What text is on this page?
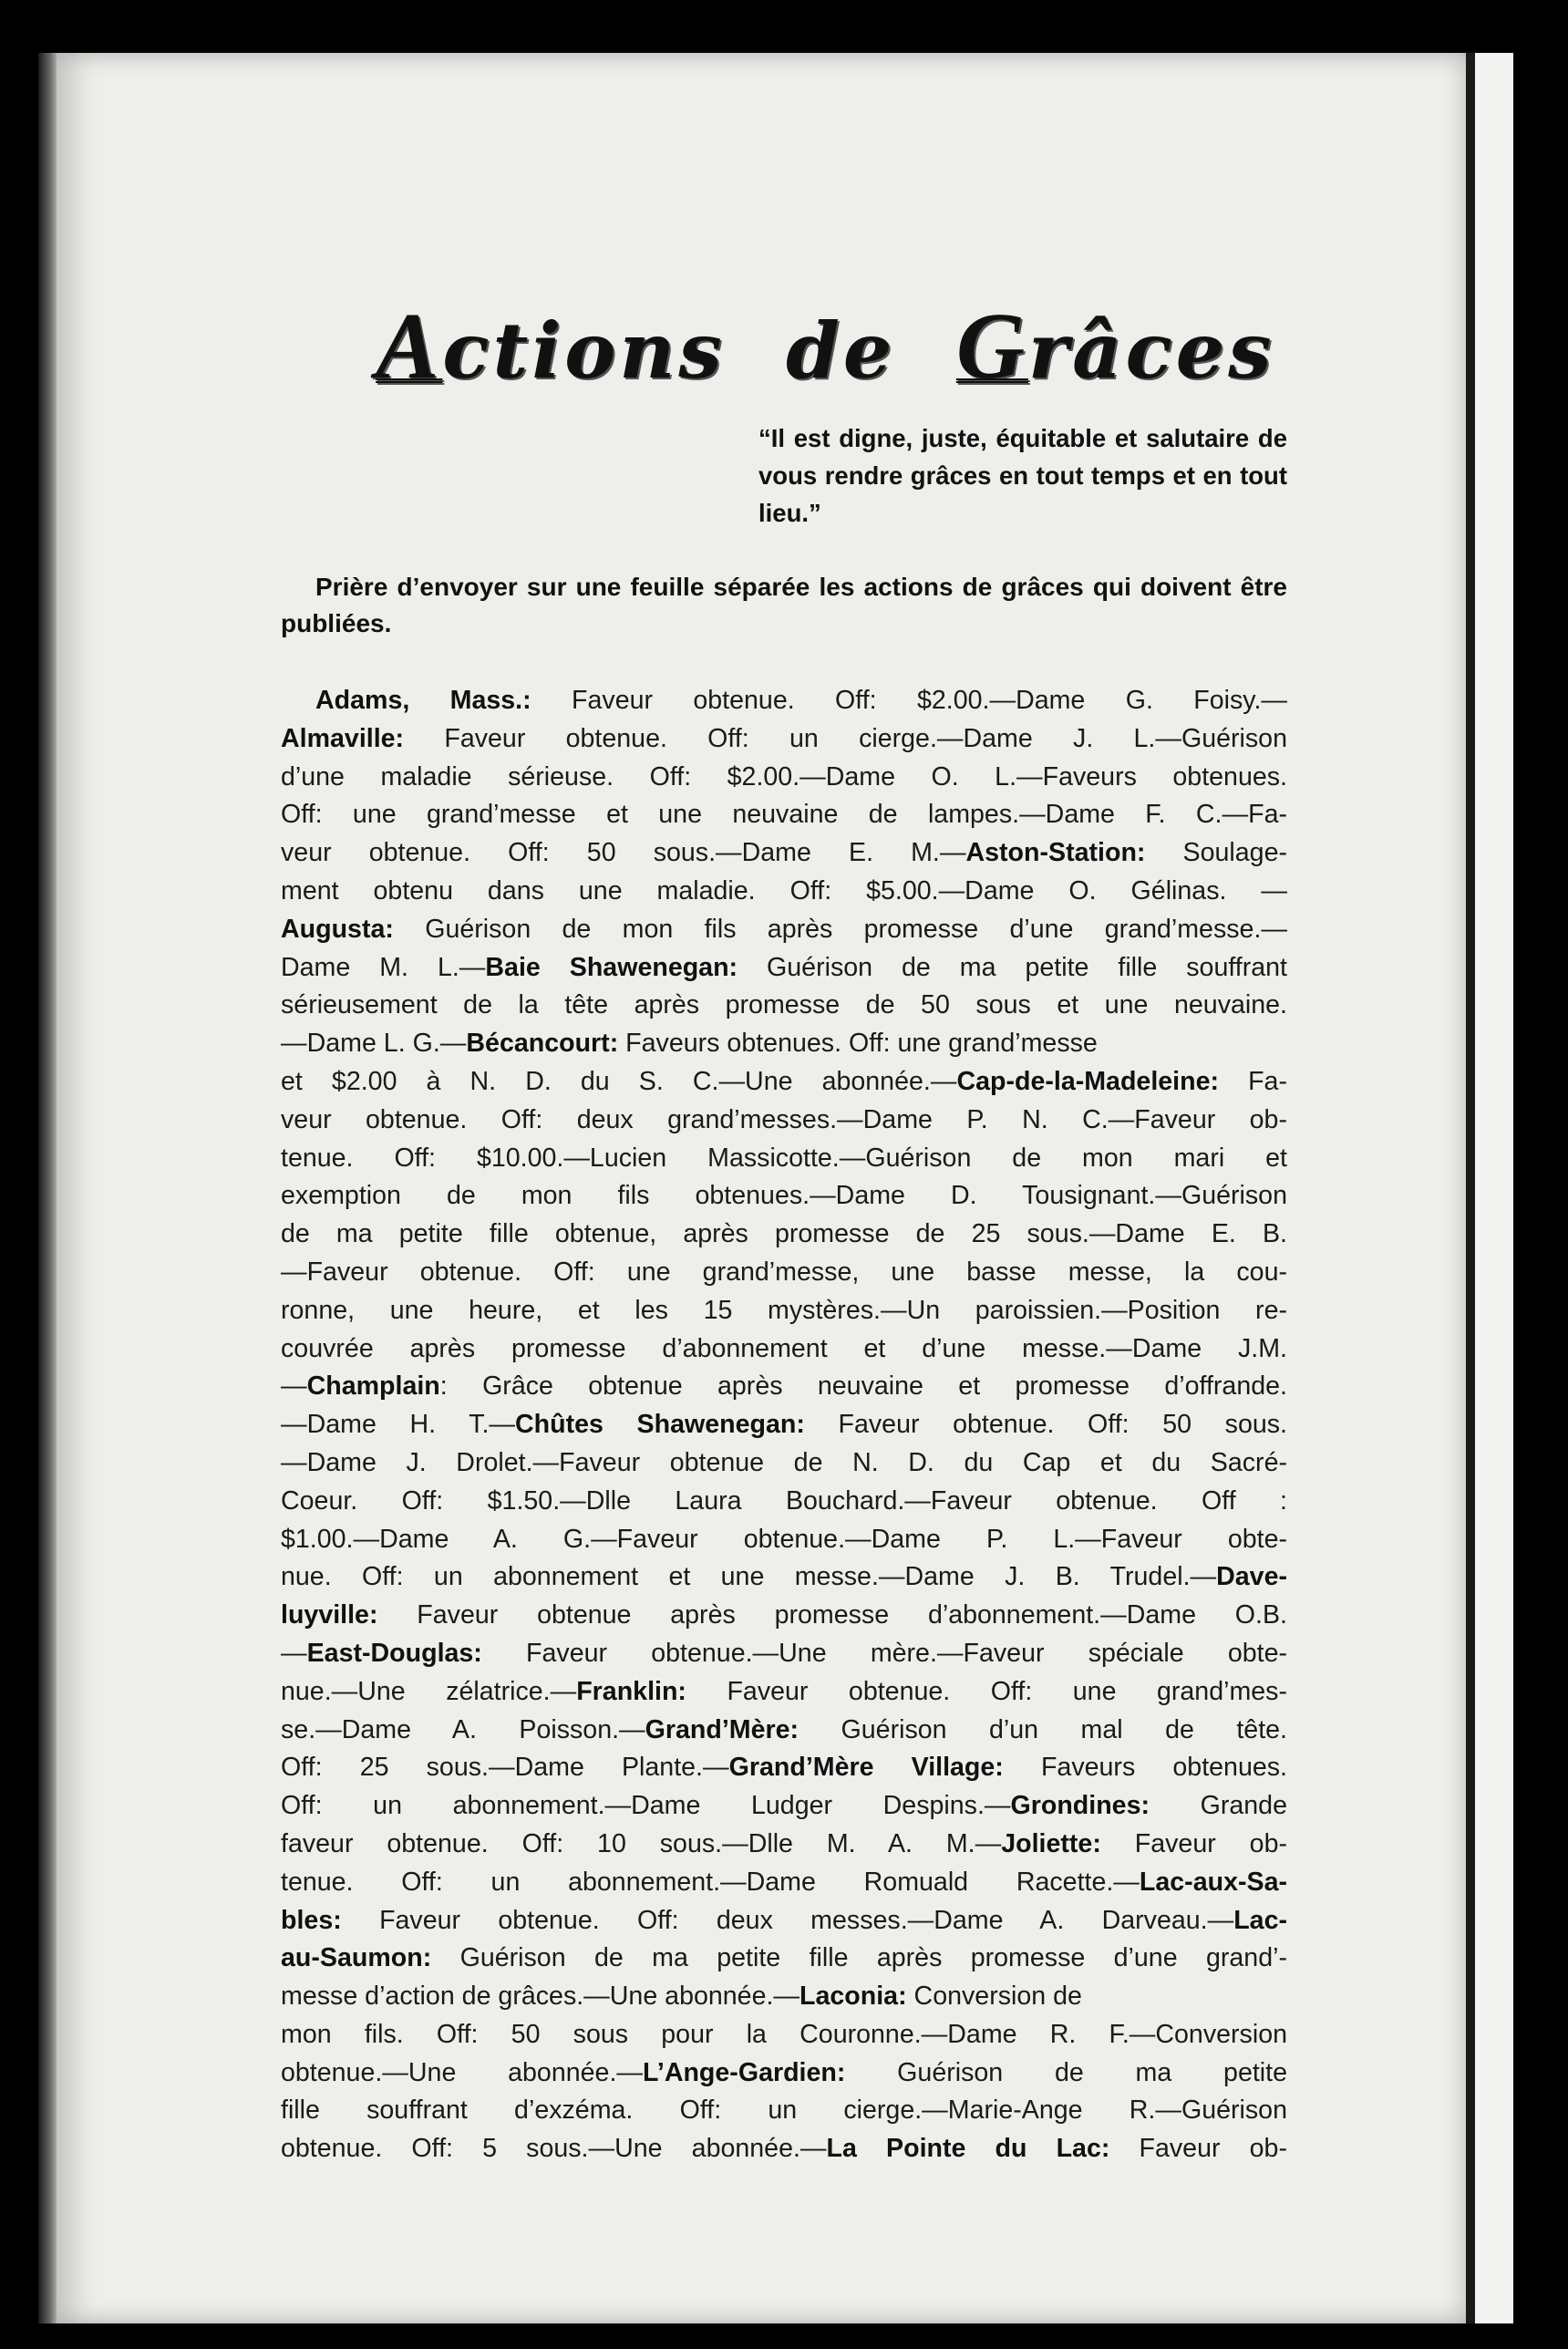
Actions de Grâces
“Il est digne, juste, équitable et salutaire de vous rendre grâces en tout temps et en tout lieu.”
Prière d’envoyer sur une feuille séparée les actions de grâces qui doivent être publiées.
Adams, Mass.: Faveur obtenue. Off: $2.00.—Dame G. Foisy.—
Almaville: Faveur obtenue. Off: un cierge.—Dame J. L.—Guérison
d’une maladie sérieuse. Off: $2.00.—Dame O. L.—Faveurs obtenues.
Off: une grand’messe et une neuvaine de lampes.—Dame F. C.—Fa-
veur obtenue. Off: 50 sous.—Dame E. M.—Aston-Station: Soulage-
ment obtenu dans une maladie. Off: $5.00.—Dame O. Gélinas. —
Augusta: Guérison de mon fils après promesse d’une grand’messe.—
Dame M. L.—Baie Shawenegan: Guérison de ma petite fille souffrant
sérieusement de la tête après promesse de 50 sous et une neuvaine.
—Dame L. G.—Bécancourt: Faveurs obtenues. Off: une grand’messe
et $2.00 à N. D. du S. C.—Une abonnée.—Cap-de-la-Madeleine: Fa-
veur obtenue. Off: deux grand’messes.—Dame P. N. C.—Faveur ob-
tenue. Off: $10.00.—Lucien Massicotte.—Guérison de mon mari et
exemption de mon fils obtenues.—Dame D. Tousignant.—Guérison
de ma petite fille obtenue, après promesse de 25 sous.—Dame E. B.
—Faveur obtenue. Off: une grand’messe, une basse messe, la cou-
ronne, une heure, et les 15 mystères.—Un paroissien.—Position re-
couvrée après promesse d’abonnement et d’une messe.—Dame J.M.
—Champlain: Grâce obtenue après neuvaine et promesse d’offrande.
—Dame H. T.—Chûtes Shawenegan: Faveur obtenue. Off: 50 sous.
—Dame J. Drolet.—Faveur obtenue de N. D. du Cap et du Sacré-
Coeur. Off: $1.50.—Dlle Laura Bouchard.—Faveur obtenue. Off :
$1.00.—Dame A. G.—Faveur obtenue.—Dame P. L.—Faveur obte-
nue. Off: un abonnement et une messe.—Dame J. B. Trudel.—Dave-
luyville: Faveur obtenue après promesse d’abonnement.—Dame O.B.
—East-Douglas: Faveur obtenue.—Une mère.—Faveur spéciale obte-
nue.—Une zélatrice.—Franklin: Faveur obtenue. Off: une grand’mes-
se.—Dame A. Poisson.—Grand’Mère: Guérison d’un mal de tête.
Off: 25 sous.—Dame Plante.—Grand’Mère Village: Faveurs obtenues.
Off: un abonnement.—Dame Ludger Despins.—Grondines: Grande
faveur obtenue. Off: 10 sous.—Dlle M. A. M.—Joliette: Faveur ob-
tenue. Off: un abonnement.—Dame Romuald Racette.—Lac-aux-Sa-
bles: Faveur obtenue. Off: deux messes.—Dame A. Darveau.—Lac-
au-Saumon: Guérison de ma petite fille après promesse d’une grand’-
messe d’action de grâces.—Une abonnée.—Laconia: Conversion de
mon fils. Off: 50 sous pour la Couronne.—Dame R. F.—Conversion
obtenue.—Une abonnée.—L’Ange-Gardien: Guérison de ma petite
fille souffrant d’exzéma. Off: un cierge.—Marie-Ange R.—Guérison
obtenue. Off: 5 sous.—Une abonnée.—La Pointe du Lac: Faveur ob-
